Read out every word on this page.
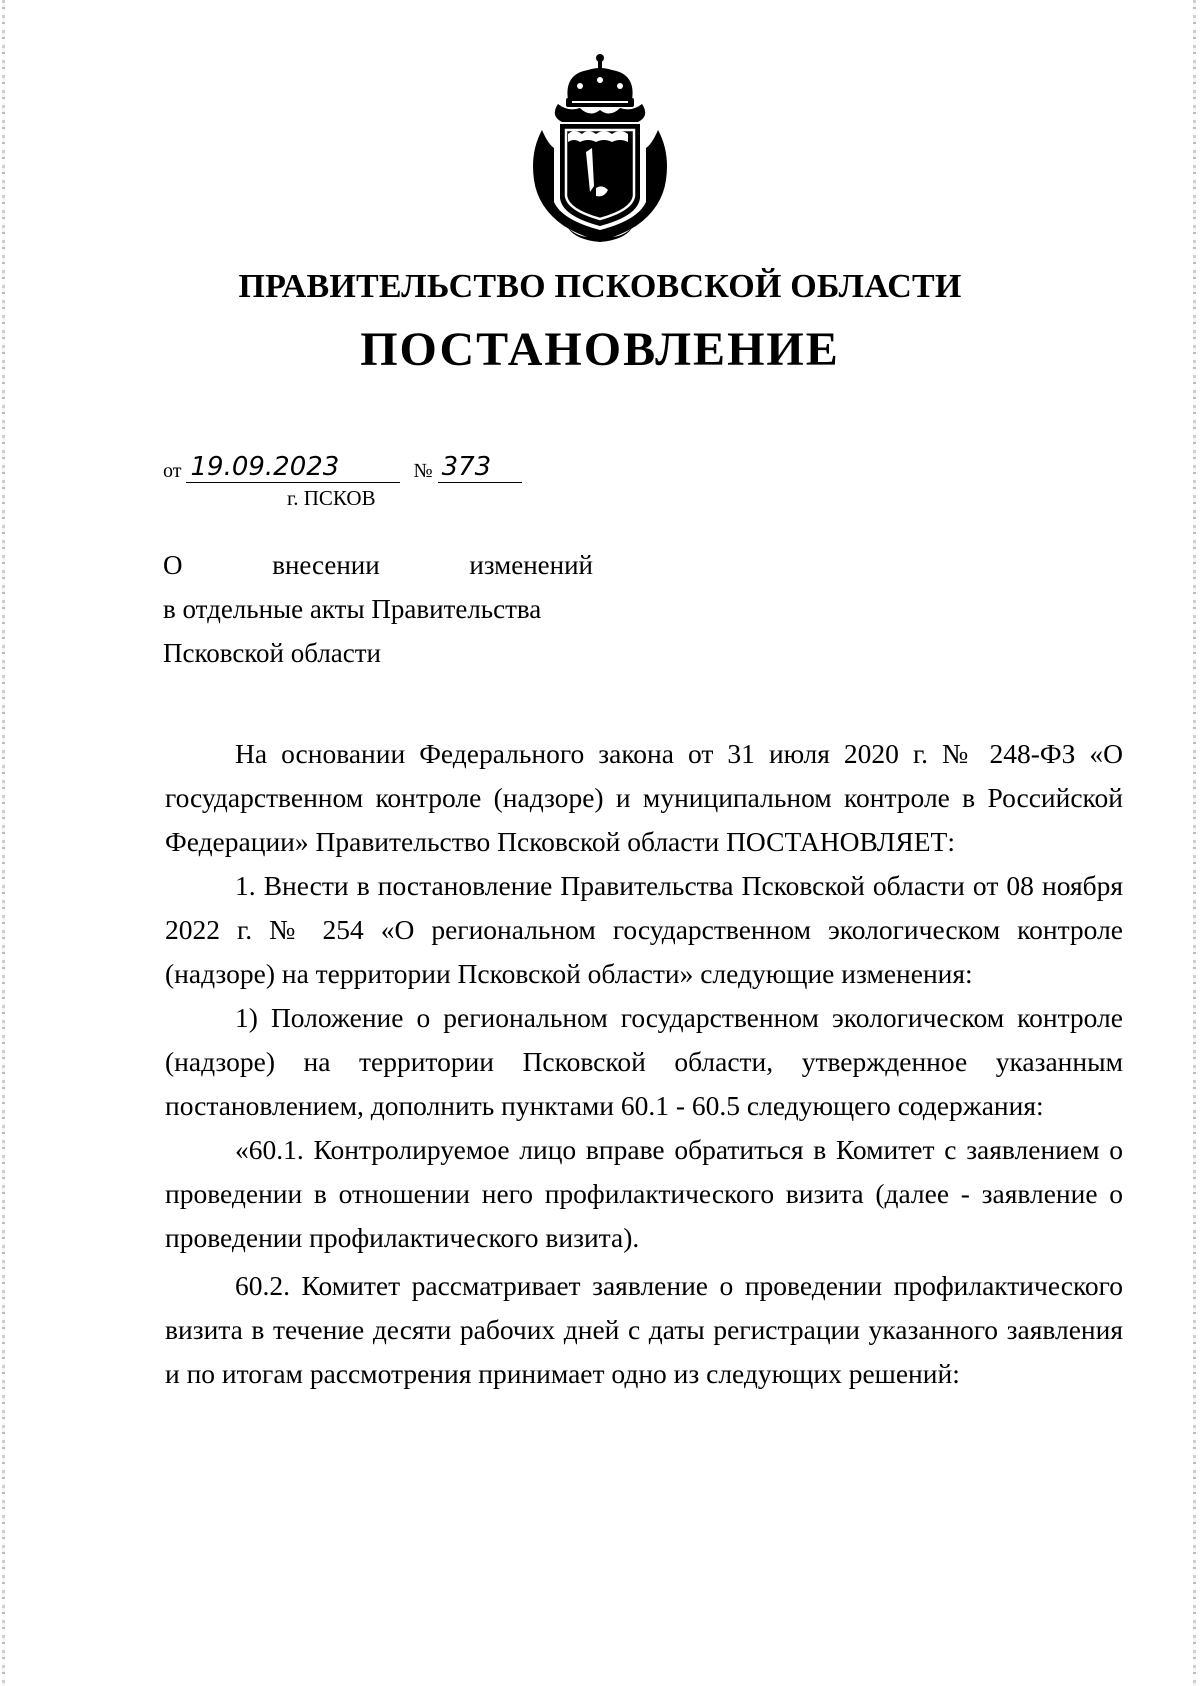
ПРАВИТЕЛЬСТВО ПСКОВСКОЙ ОБЛАСТИ
ПОСТАНОВЛЕНИЕ
от 19.09.2023	№ 373
г. ПСКОВ
О	внесении	изменений
в отдельные акты Правительства
Псковской области

На основании Федерального закона от 31 июля 2020 г. № 248-ФЗ «О государственном контроле (надзоре) и муниципальном контроле в Российской Федерации» Правительство Псковской области ПОСТАНОВЛЯЕТ:

1. Внести в постановление Правительства Псковской области от 08 ноября 2022 г. № 254 «О региональном государственном экологическом контроле (надзоре) на территории Псковской области» следующие изменения:

1) Положение о региональном государственном экологическом контроле (надзоре) на территории Псковской области, утвержденное указанным постановлением, дополнить пунктами 60.1 - 60.5 следующего содержания:

«60.1. Контролируемое лицо вправе обратиться в Комитет с заявлением о проведении в отношении него профилактического визита (далее - заявление о проведении профилактического визита).

60.2. Комитет рассматривает заявление о проведении профилактического визита в течение десяти рабочих дней с даты регистрации указанного заявления и по итогам рассмотрения принимает одно из следующих решений:
